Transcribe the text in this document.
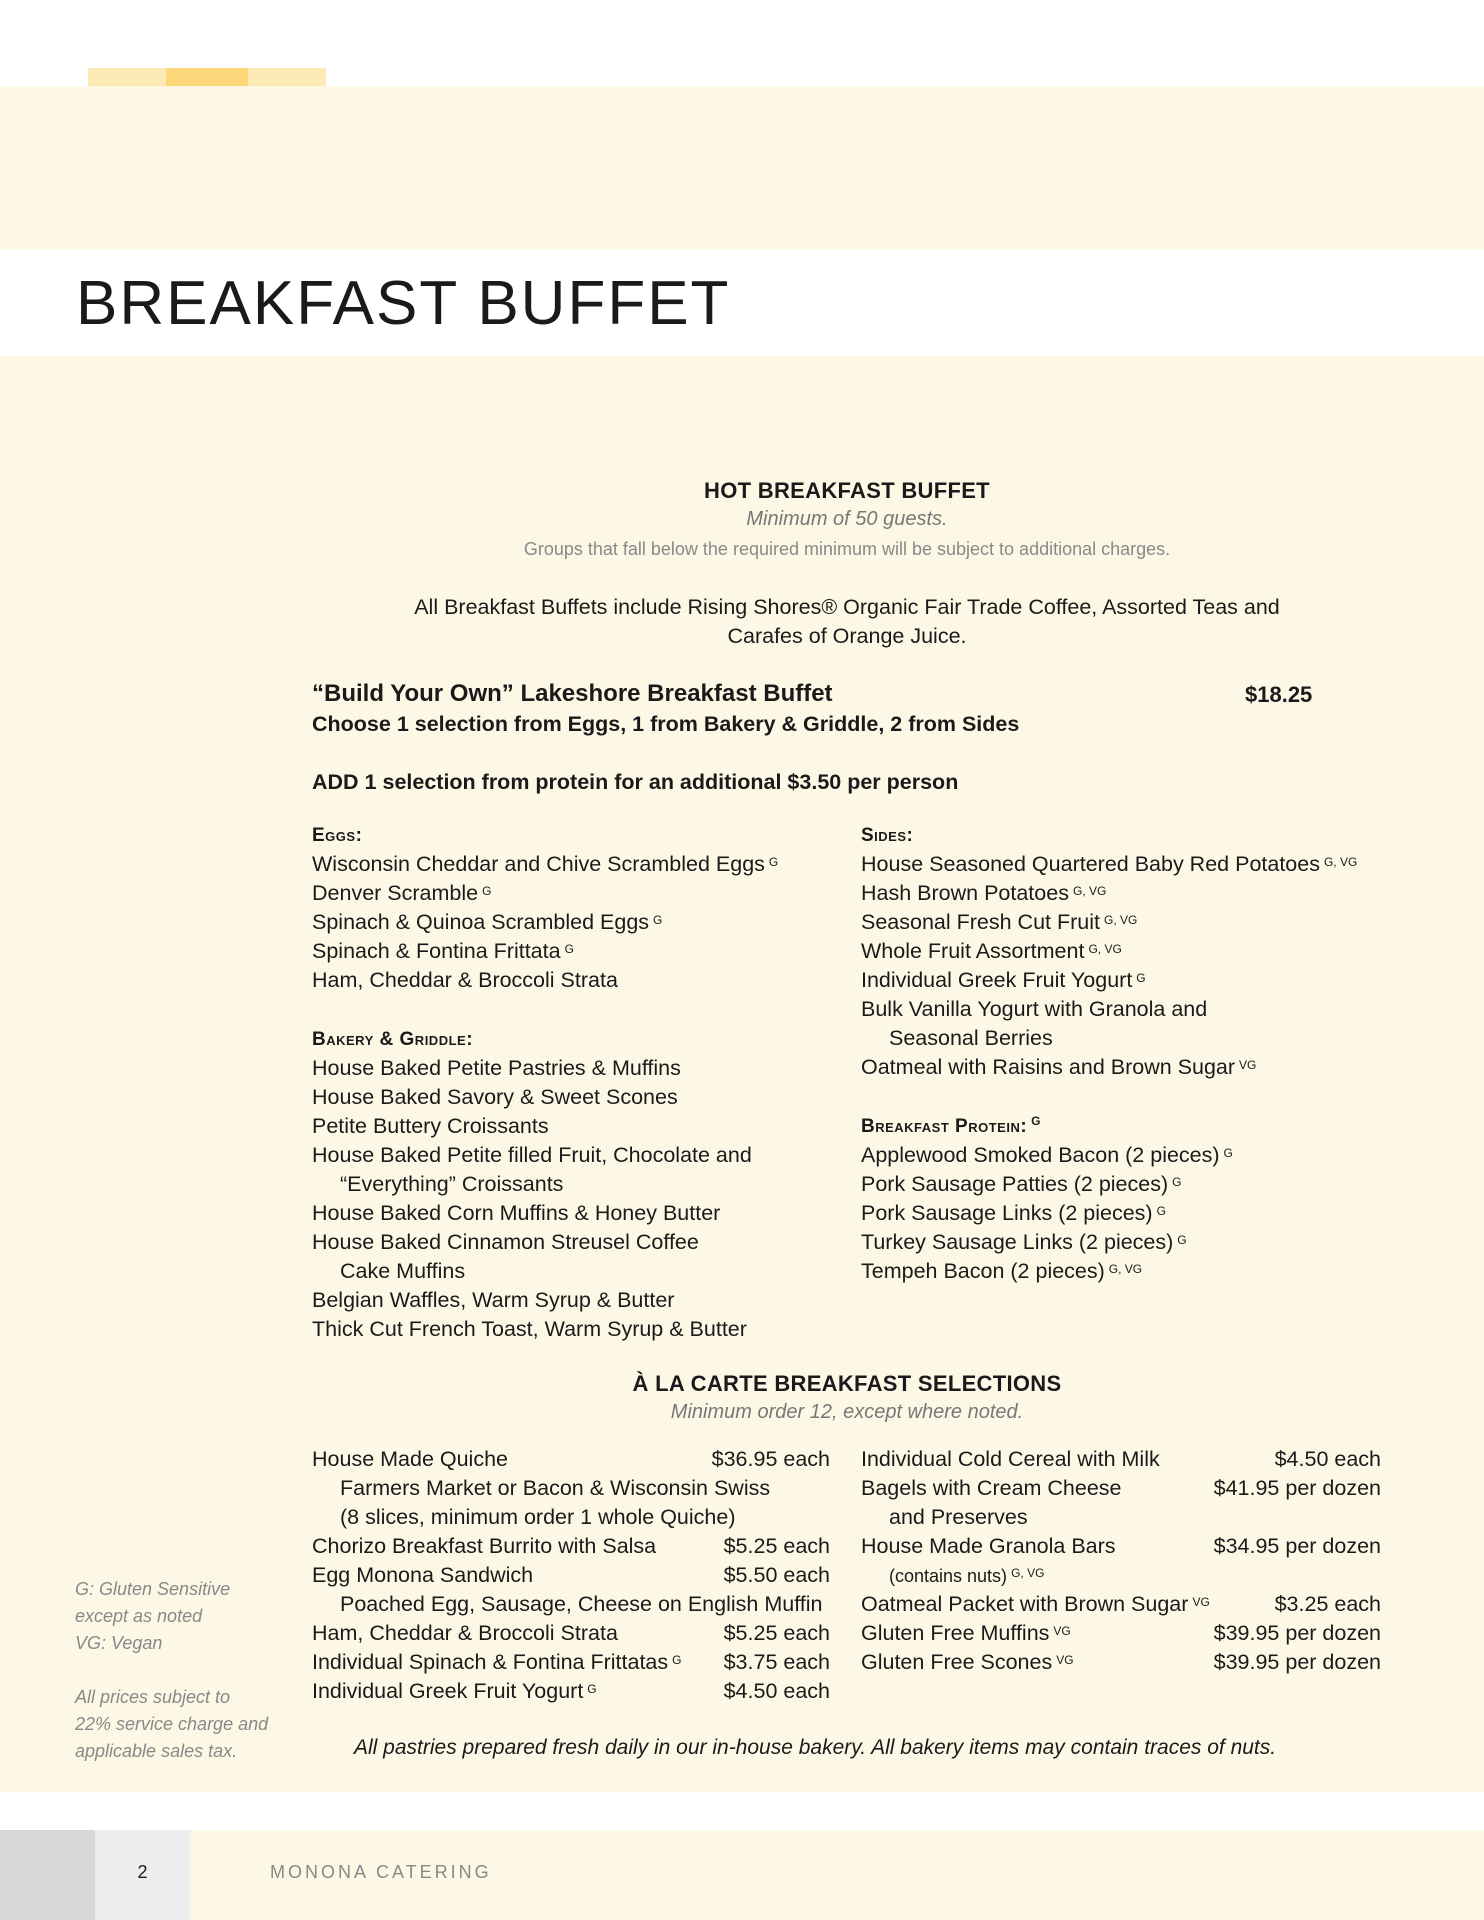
BREAKFAST BUFFET
HOT BREAKFAST BUFFET
Minimum of 50 guests.
Groups that fall below the required minimum will be subject to additional charges.
All Breakfast Buffets include Rising Shores® Organic Fair Trade Coffee, Assorted Teas and
Carafes of Orange Juice.
“Build Your Own” Lakeshore Breakfast Buffet	$18.25
Choose 1 selection from Eggs, 1 from Bakery & Griddle, 2 from Sides
ADD 1 selection from protein for an additional $3.50 per person
Eggs:
Wisconsin Cheddar and Chive Scrambled Eggs $^G$
Denver Scramble $^G$
Spinach & Quinoa Scrambled Eggs $^G$
Spinach & Fontina Frittata $^G$
Ham, Cheddar & Broccoli Strata
Bakery & Griddle:
House Baked Petite Pastries & Muffins
House Baked Savory & Sweet Scones
Petite Buttery Croissants
House Baked Petite filled Fruit, Chocolate and
“Everything” Croissants
House Baked Corn Muffins & Honey Butter
House Baked Cinnamon Streusel Coffee
Cake Muffins
Belgian Waffles, Warm Syrup & Butter
Thick Cut French Toast, Warm Syrup & Butter
Sides:
House Seasoned Quartered Baby Red Potatoes $^{G, VG}$
Hash Brown Potatoes $^{G, VG}$
Seasonal Fresh Cut Fruit $^{G, VG}$
Whole Fruit Assortment $^{G, VG}$
Individual Greek Fruit Yogurt $^G$
Bulk Vanilla Yogurt with Granola and
Seasonal Berries
Oatmeal with Raisins and Brown Sugar $^{VG}$
Breakfast Protein: $^G$
Applewood Smoked Bacon (2 pieces) $^G$
Pork Sausage Patties (2 pieces) $^G$
Pork Sausage Links (2 pieces) $^G$
Turkey Sausage Links (2 pieces) $^G$
Tempeh Bacon (2 pieces) $^{G, VG}$
À LA CARTE BREAKFAST SELECTIONS
Minimum order 12, except where noted.
House Made Quiche	$36.95 each
Farmers Market or Bacon & Wisconsin Swiss
(8 slices, minimum order 1 whole Quiche)
Chorizo Breakfast Burrito with Salsa	$5.25 each
Egg Monona Sandwich	$5.50 each
Poached Egg, Sausage, Cheese on English Muffin
Ham, Cheddar & Broccoli Strata	$5.25 each
Individual Spinach & Fontina Frittatas $^G$ $3.75 each
Individual Greek Fruit Yogurt $^G$	$4.50 each
Individual Cold Cereal with Milk	$4.50 each
Bagels with Cream Cheese	$41.95 per dozen
and Preserves
House Made Granola Bars	$34.95 per dozen
(contains nuts) $^{G, VG}$
Oatmeal Packet with Brown Sugar $^{VG}$	$3.25 each
Gluten Free Muffins $^{VG}$	$39.95 per dozen
Gluten Free Scones $^{VG}$	$39.95 per dozen
G: Gluten Sensitive
except as noted
VG: Vegan
All prices subject to
22% service charge and
applicable sales tax.	All pastries prepared fresh daily in our in-house bakery. All bakery items may contain traces of nuts.
2	MONONA CATERING
